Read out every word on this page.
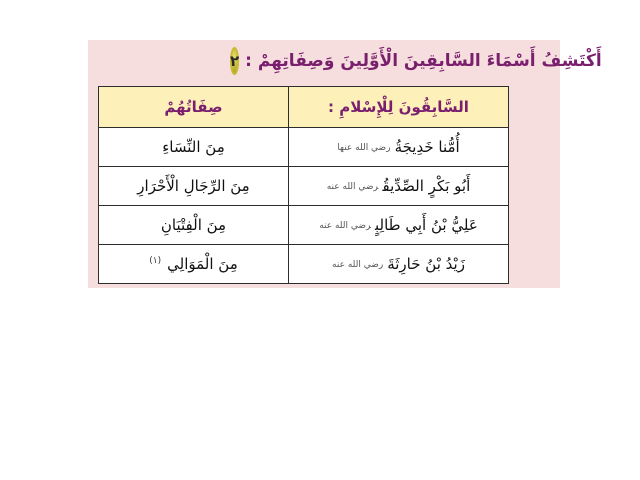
٢ أَكْتَشِفُ أَسْمَاءَ السَّابِقِينَ الْأَوَّلِينَ وَصِفَاتِهِمْ :
السَّابِقُونَ لِلْإِسْلامِ :	صِفَاتُهُمْ
أُمُّنا خَدِيجَةُرضي الله عنها	مِنَ النِّسَاءِ
أَبُو بَكْرٍ الصِّدِّيقُرضي الله عنه	مِنَ الرِّجَالِ الْأَحْرَارِ
عَلِيُّ بْنُ أَبِي طَالِبٍرضي الله عنه	مِنَ الْفِتْيَانِ
زَيْدُ بْنُ حَارِثَةَرضي الله عنه	مِنَ الْمَوَالِي$^{(١)}$
